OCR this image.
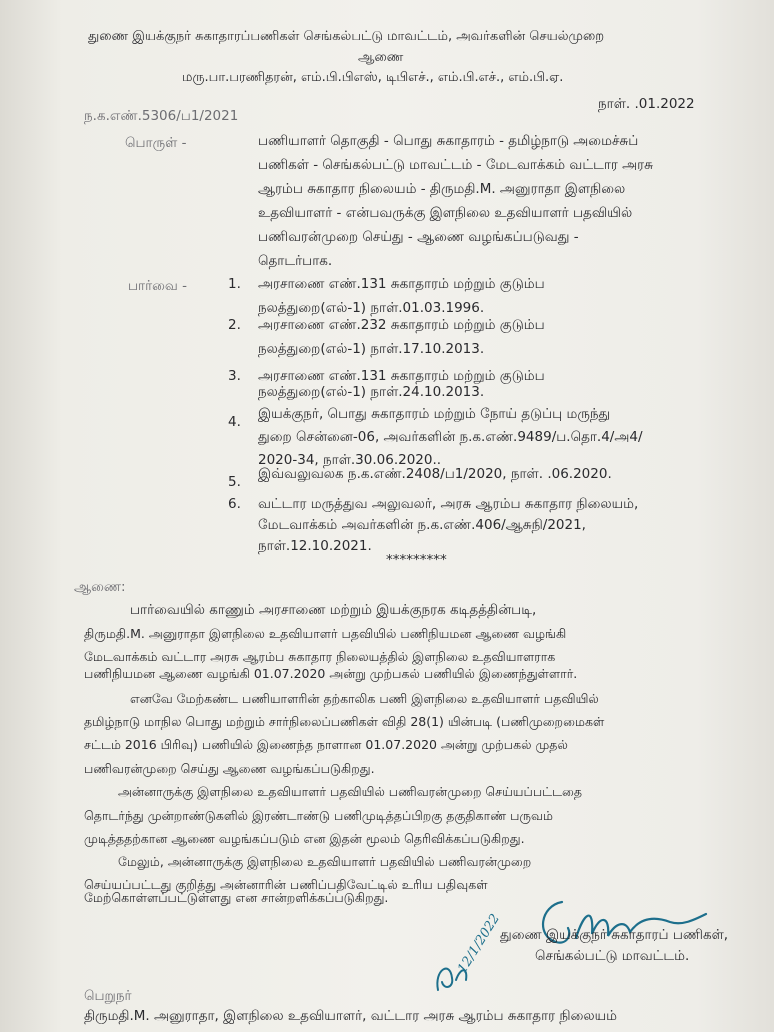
துணை இயக்குநர் சுகாதாரப்பணிகள் செங்கல்பட்டு மாவட்டம், அவர்களின் செயல்முறை
ஆணை
மரு.பா.பரணிதரன், எம்.பி.பிஎஸ், டிபிஎச்., எம்.பி.எச்., எம்.பி.ஏ.
ந.க.எண்.5306/ப1/2021
நாள். .01.2022
பொருள் -	பணியாளர் தொகுதி - பொது சுகாதாரம் - தமிழ்நாடு அமைச்சுப்
பணிகள் - செங்கல்பட்டு மாவட்டம் - மேடவாக்கம் வட்டார அரசு
ஆரம்ப சுகாதார நிலையம் - திருமதி.M. அனுராதா இளநிலை
உதவியாளர் - என்பவருக்கு இளநிலை உதவியாளர் பதவியில்
பணிவரன்முறை செய்து - ஆணை வழங்கப்படுவது -
தொடர்பாக.
பார்வை -	1. அரசாணை எண்.131 சுகாதாரம் மற்றும் குடும்ப
நலத்துறை(எல்-1) நாள்.01.03.1996.
2. அரசாணை எண்.232 சுகாதாரம் மற்றும் குடும்ப
நலத்துறை(எல்-1) நாள்.17.10.2013.
3. அரசாணை எண்.131 சுகாதாரம் மற்றும் குடும்ப
நலத்துறை(எல்-1) நாள்.24.10.2013.
4. இயக்குநர், பொது சுகாதாரம் மற்றும் நோய் தடுப்பு மருந்து
துறை சென்னை-06, அவர்களின் ந.க.எண்.9489/ப.தொ.4/அ4/
2020-34, நாள்.30.06.2020..
5. இவ்வலுவலக ந.க.எண்.2408/ப1/2020, நாள். .06.2020.
6. வட்டார மருத்துவ அலுவலர், அரசு ஆரம்ப சுகாதார நிலையம்,
மேடவாக்கம் அவர்களின் ந.க.எண்.406/ஆசுநி/2021,
நாள்.12.10.2021.
*********
ஆணை:
பார்வையில் காணும் அரசாணை மற்றும் இயக்குநரக கடிதத்தின்படி,
திருமதி.M. அனுராதா இளநிலை உதவியாளர் பதவியில் பணிநியமன ஆணை வழங்கி
மேடவாக்கம் வட்டார அரசு ஆரம்ப சுகாதார நிலையத்தில் இளநிலை உதவியாளராக
பணிநியமன ஆணை வழங்கி 01.07.2020 அன்று முற்பகல் பணியில் இணைந்துள்ளார்.
எனவே மேற்கண்ட பணியாளரின் தற்காலிக பணி இளநிலை உதவியாளர் பதவியில்
தமிழ்நாடு மாநில பொது மற்றும் சார்நிலைப்பணிகள் விதி 28(1) யின்படி (பணிமுறைமைகள்
சட்டம் 2016 பிரிவு) பணியில் இணைந்த நாளான 01.07.2020 அன்று முற்பகல் முதல்
பணிவரன்முறை செய்து ஆணை வழங்கப்படுகிறது.
அன்னாருக்கு இளநிலை உதவியாளர் பதவியில் பணிவரன்முறை செய்யப்பட்டதை
தொடர்ந்து முன்றாண்டுகளில் இரண்டாண்டு பணிமுடித்தப்பிறகு தகுதிகாண் பருவம்
முடித்ததற்கான ஆணை வழங்கப்படும் என இதன் மூலம் தெரிவிக்கப்படுகிறது.
மேலும், அன்னாருக்கு இளநிலை உதவியாளர் பதவியில் பணிவரன்முறை
செய்யப்பட்டது குறித்து அன்னாரின் பணிப்பதிவேட்டில் உரிய பதிவுகள்
மேற்கொள்ளப்பட்டுள்ளது என சான்றளிக்கப்படுகிறது.
துணை இயக்குநர் சுகாதாரப் பணிகள்,
செங்கல்பட்டு மாவட்டம்.
12/1/2022
பெறுநர்
திருமதி.M. அனுராதா, இளநிலை உதவியாளர், வட்டார அரசு ஆரம்ப சுகாதார நிலையம்
